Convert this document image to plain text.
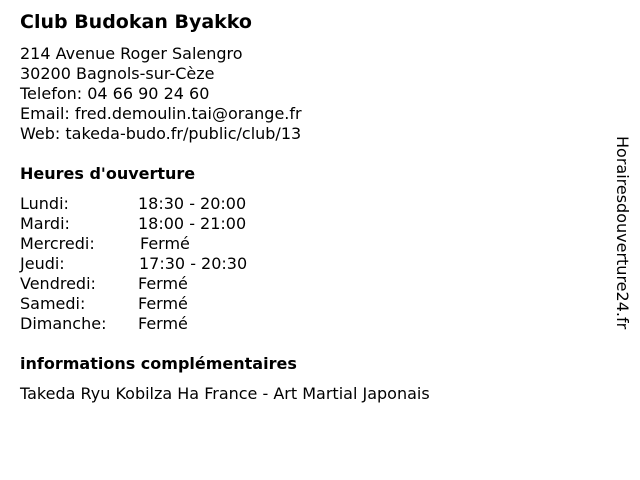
Club Budokan Byakko
214 Avenue Roger Salengro
30200 Bagnols-sur-Cèze
Telefon: 04 66 90 24 60
Email: fred.demoulin.tai@orange.fr
Web: takeda-budo.fr/public/club/13
Heures d'ouverture
Lundi:	18:30 - 20:00
Mardi:	18:00 - 21:00
Mercredi:	Fermé
Jeudi:	17:30 - 20:30
Vendredi:	Fermé
Samedi:	Fermé
Dimanche: Fermé
informations complémentaires
Takeda Ryu Kobilza Ha France - Art Martial Japonais
Horairesdouverture24.fr
